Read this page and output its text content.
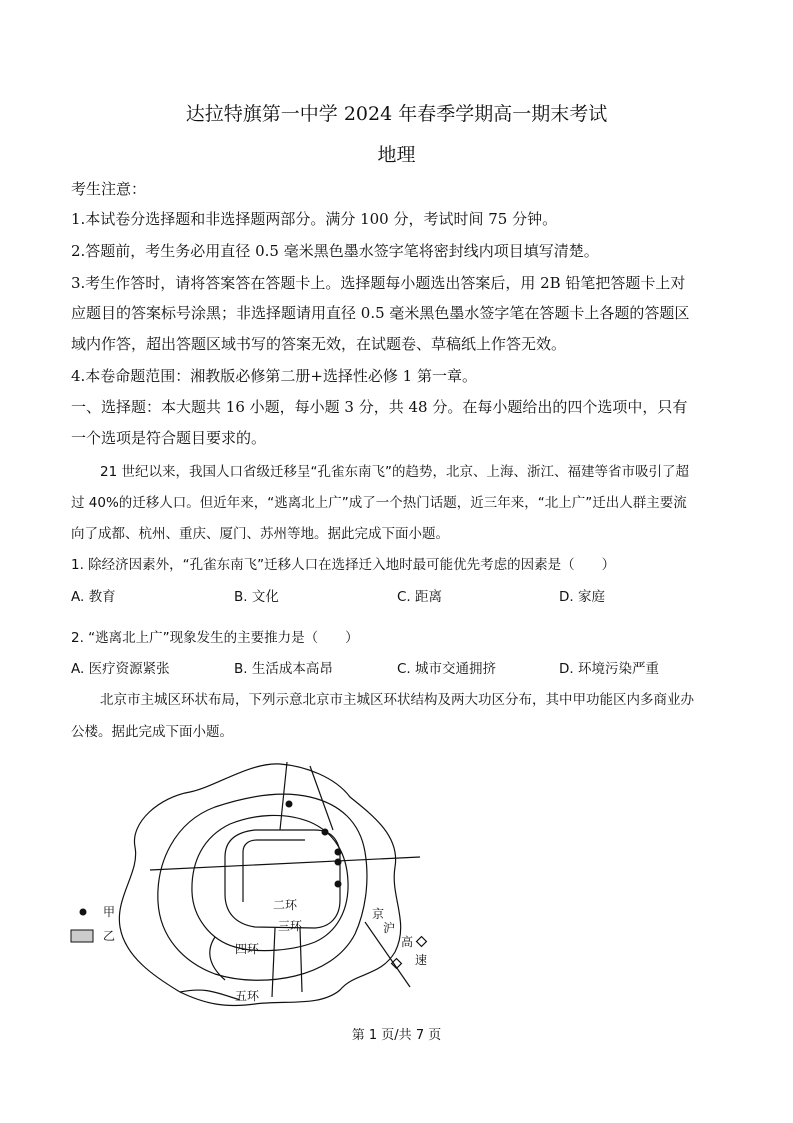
达拉特旗第一中学 2024 年春季学期高一期末考试
地理
考生注意：
1.本试卷分选择题和非选择题两部分。满分 100 分，考试时间 75 分钟。
2.答题前，考生务必用直径 0.5 毫米黑色墨水签字笔将密封线内项目填写清楚。
3.考生作答时，请将答案答在答题卡上。选择题每小题选出答案后，用 2B 铅笔把答题卡上对
应题目的答案标号涂黑；非选择题请用直径 0.5 毫米黑色墨水签字笔在答题卡上各题的答题区
域内作答，超出答题区域书写的答案无效，在试题卷、草稿纸上作答无效。
4.本卷命题范围：湘教版必修第二册+选择性必修 1 第一章。
一、选择题：本大题共 16 小题，每小题 3 分，共 48 分。在每小题给出的四个选项中，只有
一个选项是符合题目要求的。
21 世纪以来，我国人口省级迁移呈“孔雀东南飞”的趋势，北京、上海、浙江、福建等省市吸引了超
过 40%的迁移人口。但近年来，“逃离北上广”成了一个热门话题，近三年来，“北上广”迁出人群主要流
向了成都、杭州、重庆、厦门、苏州等地。据此完成下面小题。
1. 除经济因素外，“孔雀东南飞”迁移人口在选择迁入地时最可能优先考虑的因素是（　　）
A. 教育	B. 文化	C. 距离	D. 家庭
2. “逃离北上广”现象发生的主要推力是（　　）
A. 医疗资源紧张	B. 生活成本高昂	C. 城市交通拥挤	D. 环境污染严重
北京市主城区环状布局，下列示意北京市主城区环状结构及两大功区分布，其中甲功能区内多商业办
公楼。据此完成下面小题。
甲
乙
二环
三环
四环
五环
京
沪
高
速
第 1 页/共 7 页
